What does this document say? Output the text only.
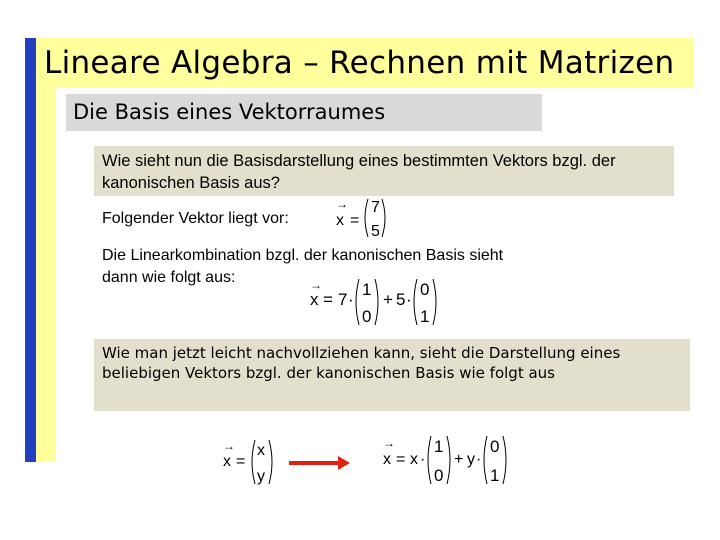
Lineare Algebra – Rechnen mit Matrizen
Die Basis eines Vektorraumes
Wie sieht nun die Basisdarstellung eines bestimmten Vektors bzgl. der kanonischen Basis aus?
Folgender Vektor liegt vor:
→
x =
7
5
Die Linearkombination bzgl. der kanonischen Basis sieht dann wie folgt aus:	→
x = 7 ·
1
0
+ 5 ·
0
1
Wie man jetzt leicht nachvollziehen kann, sieht die Darstellung eines beliebigen Vektors bzgl. der kanonischen Basis wie folgt aus
→
x =
x
y
→
x = x ·
1
0
+ y ·
0
1
